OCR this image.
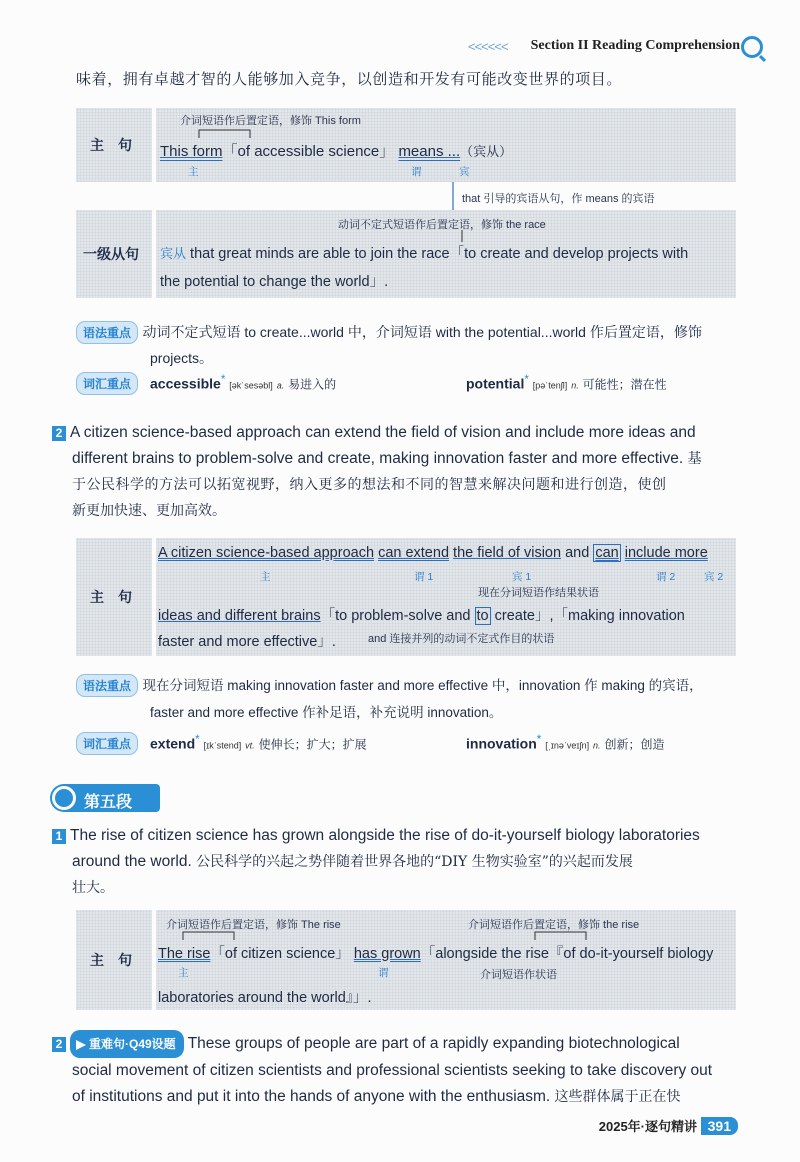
<<<<<< Section II Reading Comprehension
味着，拥有卓越才智的人能够加入竞争，以创造和开发有可能改变世界的项目。
主　句
介词短语作后置定语，修饰 This form
This form「of accessible science」 means ...（宾从）
主	谓	宾
that 引导的宾语从句，作 means 的宾语
一级从句
动词不定式短语作后置定语，修饰 the race
宾从 that great minds are able to join the race「to create and develop projects with
the potential to change the world」.
语法重点 动词不定式短语 to create...world 中，介词短语 with the potential...world 作后置定语，修饰
projects。
词汇重点 accessible* [əkˈsesəbl] a. 易进入的	potential* [pəˈtenʃl] n. 可能性；潜在性
2 A citizen science-based approach can extend the field of vision and include more ideas and
different brains to problem-solve and create, making innovation faster and more effective. 基
于公民科学的方法可以拓宽视野，纳入更多的想法和不同的智慧来解决问题和进行创造，使创
新更加快速、更加高效。
主　句
A citizen science-based approach can extend the field of vision and can include more
主	谓 1	宾 1	谓 2	宾 2
现在分词短语作结果状语
ideas and different brains「to problem-solve and to create」,「making innovation
faster and more effective」.	and 连接并列的动词不定式作目的状语
语法重点 现在分词短语 making innovation faster and more effective 中，innovation 作 making 的宾语，
faster and more effective 作补足语，补充说明 innovation。
词汇重点 extend* [ɪkˈstend] vt. 使伸长；扩大；扩展	innovation* [ˌɪnəˈveɪʃn] n. 创新；创造
第五段
1 The rise of citizen science has grown alongside the rise of do-it-yourself biology laboratories
around the world. 公民科学的兴起之势伴随着世界各地的“DIY 生物实验室”的兴起而发展
壮大。
主　句
介词短语作后置定语，修饰 The rise	介词短语作后置定语，修饰 the rise
The rise「of citizen science」 has grown「alongside the rise『of do-it-yourself biology
主	谓	介词短语作状语
laboratories around the world』」.
2 重难句·Q49设题 These groups of people are part of a rapidly expanding biotechnological
social movement of citizen scientists and professional scientists seeking to take discovery out
of institutions and put it into the hands of anyone with the enthusiasm. 这些群体属于正在快
2025年·逐句精讲 391
